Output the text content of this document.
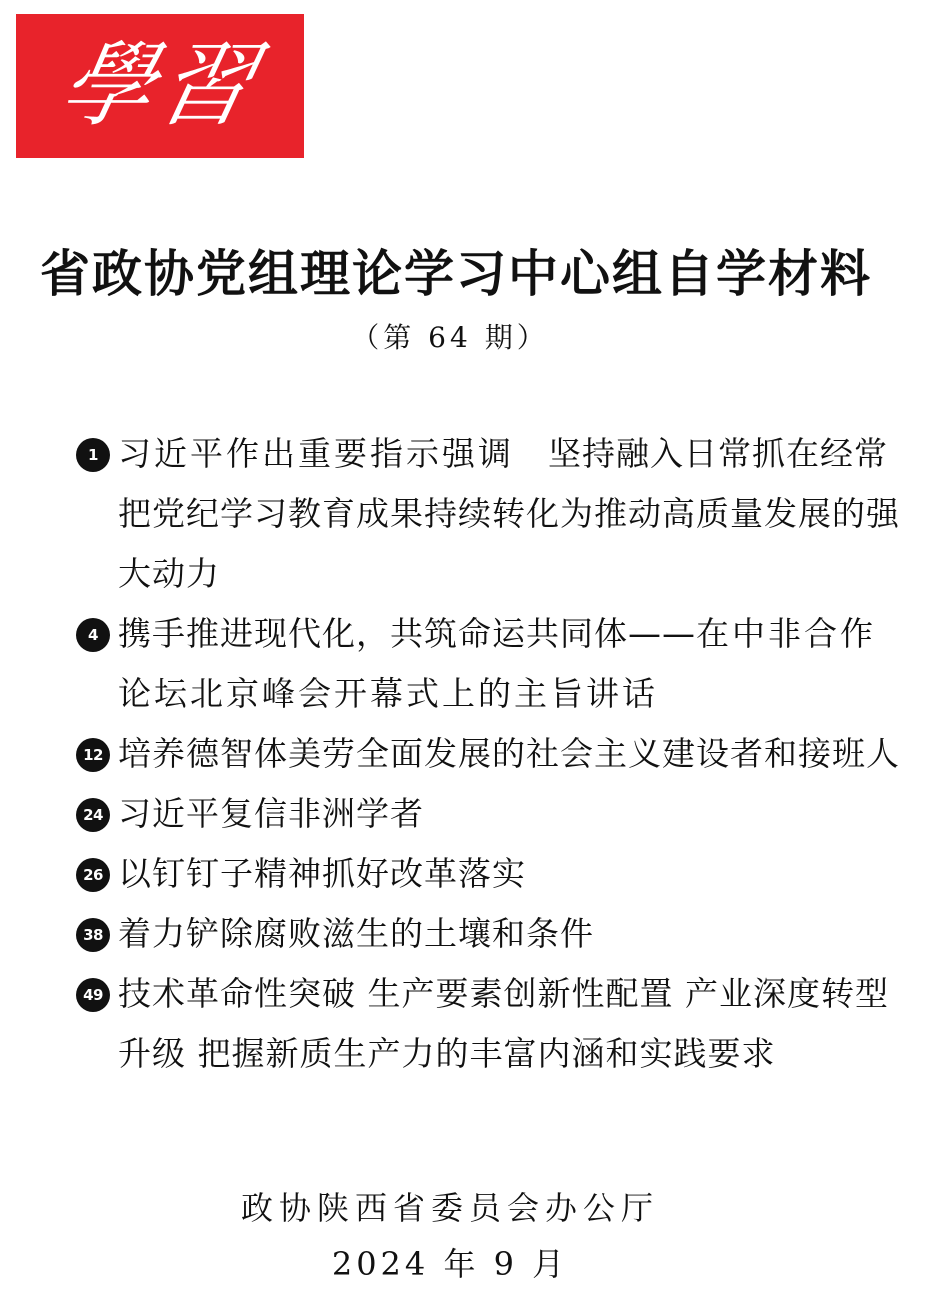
學習
省政协党组理论学习中心组自学材料
（第 64 期）
1 习近平作出重要指示强调　坚持融入日常抓在经常　把党纪学习教育成果持续转化为推动高质量发展的强大动力
4 携手推进现代化，共筑命运共同体——在中非合作论坛北京峰会开幕式上的主旨讲话
12 培养德智体美劳全面发展的社会主义建设者和接班人
24 习近平复信非洲学者
26 以钉钉子精神抓好改革落实
38 着力铲除腐败滋生的土壤和条件
49 技术革命性突破 生产要素创新性配置 产业深度转型升级 把握新质生产力的丰富内涵和实践要求
政协陕西省委员会办公厅
2024 年 9 月
